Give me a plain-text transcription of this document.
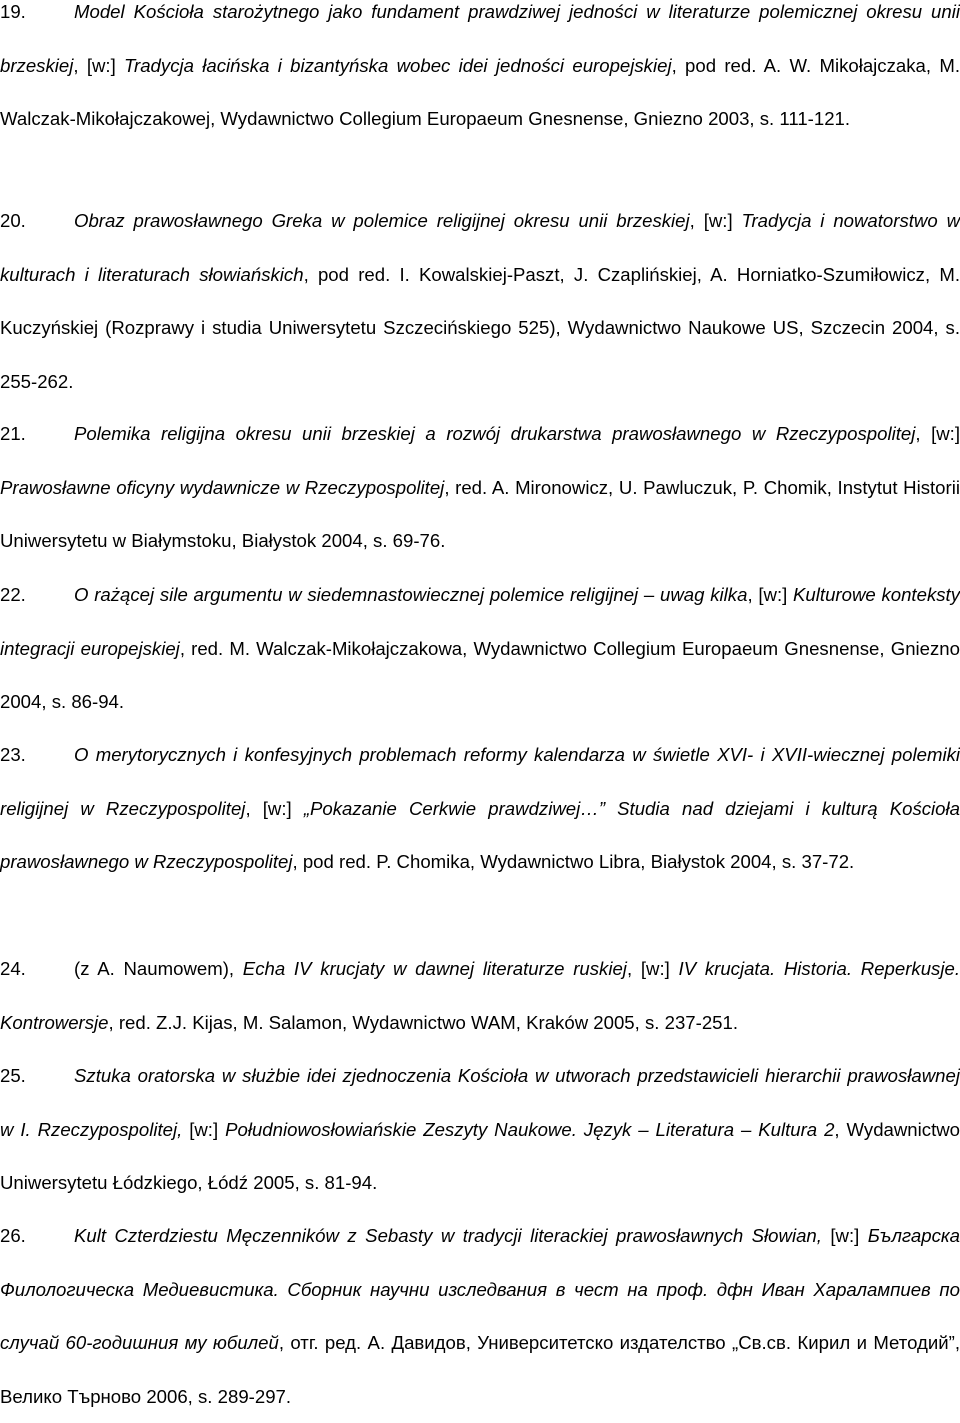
19.	Model Kościoła starożytnego jako fundament prawdziwej jedności w literaturze polemicznej okresu unii brzeskiej, [w:] Tradycja łacińska i bizantyńska wobec idei jedności europejskiej, pod red. A. W. Mikołajczaka, M. Walczak-Mikołajczakowej, Wydawnictwo Collegium Europaeum Gnesnense, Gniezno 2003, s. 111-121.

20.	Obraz prawosławnego Greka w polemice religijnej okresu unii brzeskiej, [w:] Tradycja i nowatorstwo w kulturach i literaturach słowiańskich, pod red. I. Kowalskiej-Paszt, J. Czaplińskiej, A. Horniatko-Szumiłowicz, M. Kuczyńskiej (Rozprawy i studia Uniwersytetu Szczecińskiego 525), Wydawnictwo Naukowe US, Szczecin 2004, s. 255-262.

21.	Polemika religijna okresu unii brzeskiej a rozwój drukarstwa prawosławnego w Rzeczypospolitej, [w:] Prawosławne oficyny wydawnicze w Rzeczypospolitej, red. A. Mironowicz, U. Pawluczuk, P. Chomik, Instytut Historii Uniwersytetu w Białymstoku, Białystok 2004, s. 69-76.

22.	O rażącej sile argumentu w siedemnastowiecznej polemice religijnej – uwag kilka, [w:] Kulturowe konteksty integracji europejskiej, red. M. Walczak-Mikołajczakowa, Wydawnictwo Collegium Europaeum Gnesnense, Gniezno 2004, s. 86-94.

23.	O merytorycznych i konfesyjnych problemach reformy kalendarza w świetle XVI- i XVII-wiecznej polemiki religijnej w Rzeczypospolitej, [w:] „Pokazanie Cerkwie prawdziwej…” Studia nad dziejami i kulturą Kościoła prawosławnego w Rzeczypospolitej, pod red. P. Chomika, Wydawnictwo Libra, Białystok 2004, s. 37-72.

24.	(z A. Naumowem), Echa IV krucjaty w dawnej literaturze ruskiej, [w:] IV krucjata. Historia. Reperkusje. Kontrowersje, red. Z.J. Kijas, M. Salamon, Wydawnictwo WAM, Kraków 2005, s. 237-251.

25.	Sztuka oratorska w służbie idei zjednoczenia Kościoła w utworach przedstawicieli hierarchii prawosławnej w I. Rzeczypospolitej, [w:] Południowosłowiańskie Zeszyty Naukowe. Język – Literatura – Kultura 2, Wydawnictwo Uniwersytetu Łódzkiego, Łódź 2005, s. 81-94.

26.	Kult Czterdziestu Męczenników z Sebasty w tradycji literackiej prawosławnych Słowian, [w:] Българска Филологическа Медиевистика. Сборник научни изследвания в чест на проф. дфн Иван Харалампиев по случай 60-годишния му юбилей, отг. ред. А. Давидов, Университетско издателство „Св.св. Кирил и Методий”, Велико Търново 2006, s. 289-297.
